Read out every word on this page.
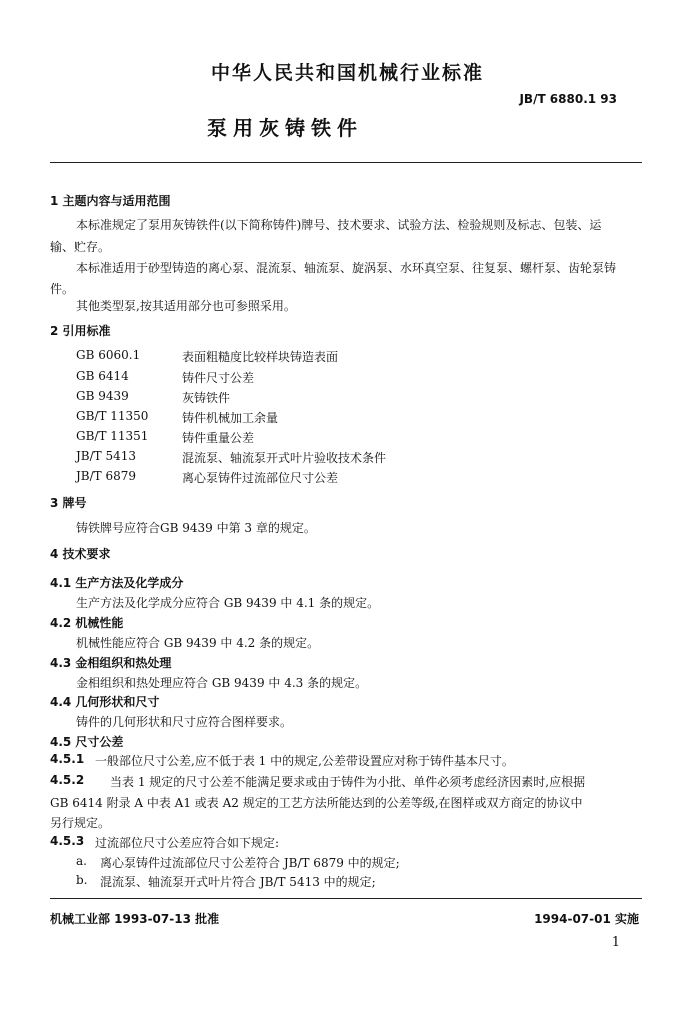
中华人民共和国机械行业标准
JB/T 6880.1 93
泵用灰铸铁件
1 主题内容与适用范围
本标准规定了泵用灰铸铁件(以下简称铸件)牌号、技术要求、试验方法、检验规则及标志、包装、运
输、贮存。
本标准适用于砂型铸造的离心泵、混流泵、轴流泵、旋涡泵、水环真空泵、往复泵、螺杆泵、齿轮泵铸
件。
其他类型泵,按其适用部分也可参照采用。
2 引用标准
GB 6060.1	表面粗糙度比较样块铸造表面
GB 6414	铸件尺寸公差
GB 9439	灰铸铁件
GB/T 11350	铸件机械加工余量
GB/T 11351	铸件重量公差
JB/T 5413	混流泵、轴流泵开式叶片验收技术条件
JB/T 6879	离心泵铸件过流部位尺寸公差
3 牌号
铸铁牌号应符合GB 9439 中第 3 章的规定。
4 技术要求
4.1 生产方法及化学成分
生产方法及化学成分应符合 GB 9439 中 4.1 条的规定。
4.2 机械性能
机械性能应符合 GB 9439 中 4.2 条的规定。
4.3 金相组织和热处理
金相组织和热处理应符合 GB 9439 中 4.3 条的规定。
4.4 几何形状和尺寸
铸件的几何形状和尺寸应符合图样要求。
4.5 尺寸公差
4.5.1 一般部位尺寸公差,应不低于表 1 中的规定,公差带设置应对称于铸件基本尺寸。
4.5.2 当表 1 规定的尺寸公差不能满足要求或由于铸件为小批、单件必须考虑经济因素时,应根据
GB 6414 附录 A 中表 A1 或表 A2 规定的工艺方法所能达到的公差等级,在图样或双方商定的协议中
另行规定。
4.5.3 过流部位尺寸公差应符合如下规定:
a. 离心泵铸件过流部位尺寸公差符合 JB/T 6879 中的规定;
b. 混流泵、轴流泵开式叶片符合 JB/T 5413 中的规定;
机械工业部 1993-07-13 批准	1994-07-01 实施
1
